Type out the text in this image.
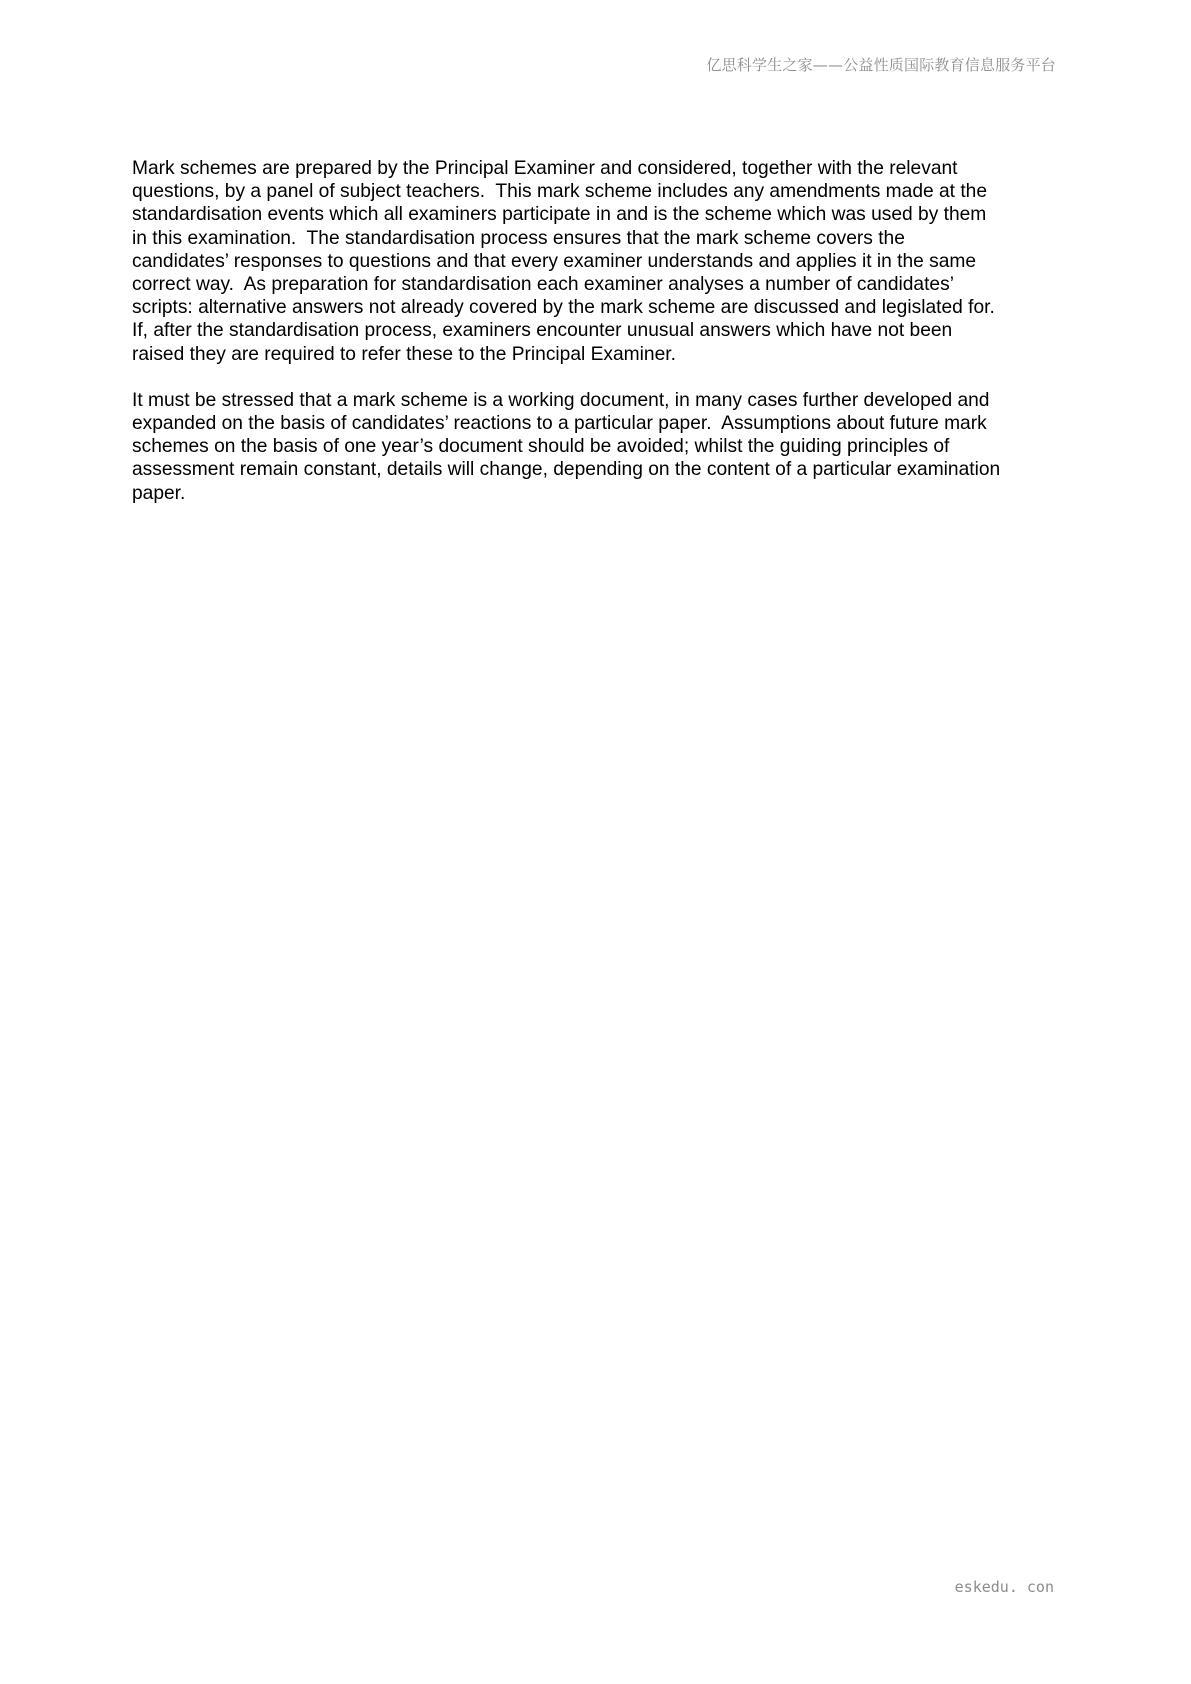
亿思科学生之家——公益性质国际教育信息服务平台

Mark schemes are prepared by the Principal Examiner and considered, together with the relevant
questions, by a panel of subject teachers.  This mark scheme includes any amendments made at the
standardisation events which all examiners participate in and is the scheme which was used by them
in this examination.  The standardisation process ensures that the mark scheme covers the
candidates’ responses to questions and that every examiner understands and applies it in the same
correct way.  As preparation for standardisation each examiner analyses a number of candidates’
scripts: alternative answers not already covered by the mark scheme are discussed and legislated for.
If, after the standardisation process, examiners encounter unusual answers which have not been
raised they are required to refer these to the Principal Examiner.

It must be stressed that a mark scheme is a working document, in many cases further developed and
expanded on the basis of candidates’ reactions to a particular paper.  Assumptions about future mark
schemes on the basis of one year’s document should be avoided; whilst the guiding principles of
assessment remain constant, details will change, depending on the content of a particular examination
paper.

eskedu. con
